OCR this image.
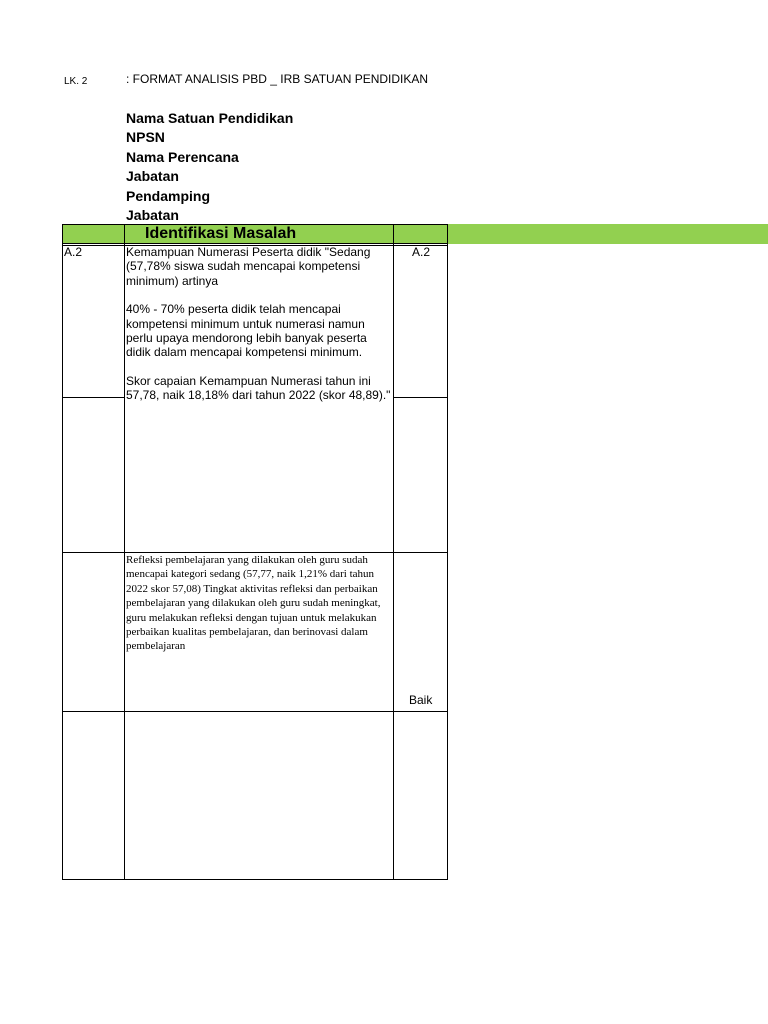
LK. 2	: FORMAT ANALISIS PBD _ IRB SATUAN PENDIDIKAN
Nama Satuan Pendidikan
NPSN
Nama Perencana
Jabatan
Pendamping
Jabatan
Identifikasi Masalah
A.2	A.2

Kemampuan Numerasi Peserta didik "Sedang (57,78% siswa sudah mencapai kompetensi minimum) artinya

40% - 70% peserta didik telah mencapai kompetensi minimum untuk numerasi namun perlu upaya mendorong lebih banyak peserta didik dalam mencapai kompetensi minimum.

Skor capaian Kemampuan Numerasi tahun ini 57,78, naik 18,18% dari tahun 2022 (skor 48,89)."

Refleksi pembelajaran yang dilakukan oleh guru sudah mencapai kategori sedang (57,77, naik 1,21% dari tahun 2022 skor 57,08) Tingkat aktivitas refleksi dan perbaikan pembelajaran yang dilakukan oleh guru sudah meningkat, guru melakukan refleksi dengan tujuan untuk melakukan perbaikan kualitas pembelajaran, dan berinovasi dalam pembelajaran
Baik
